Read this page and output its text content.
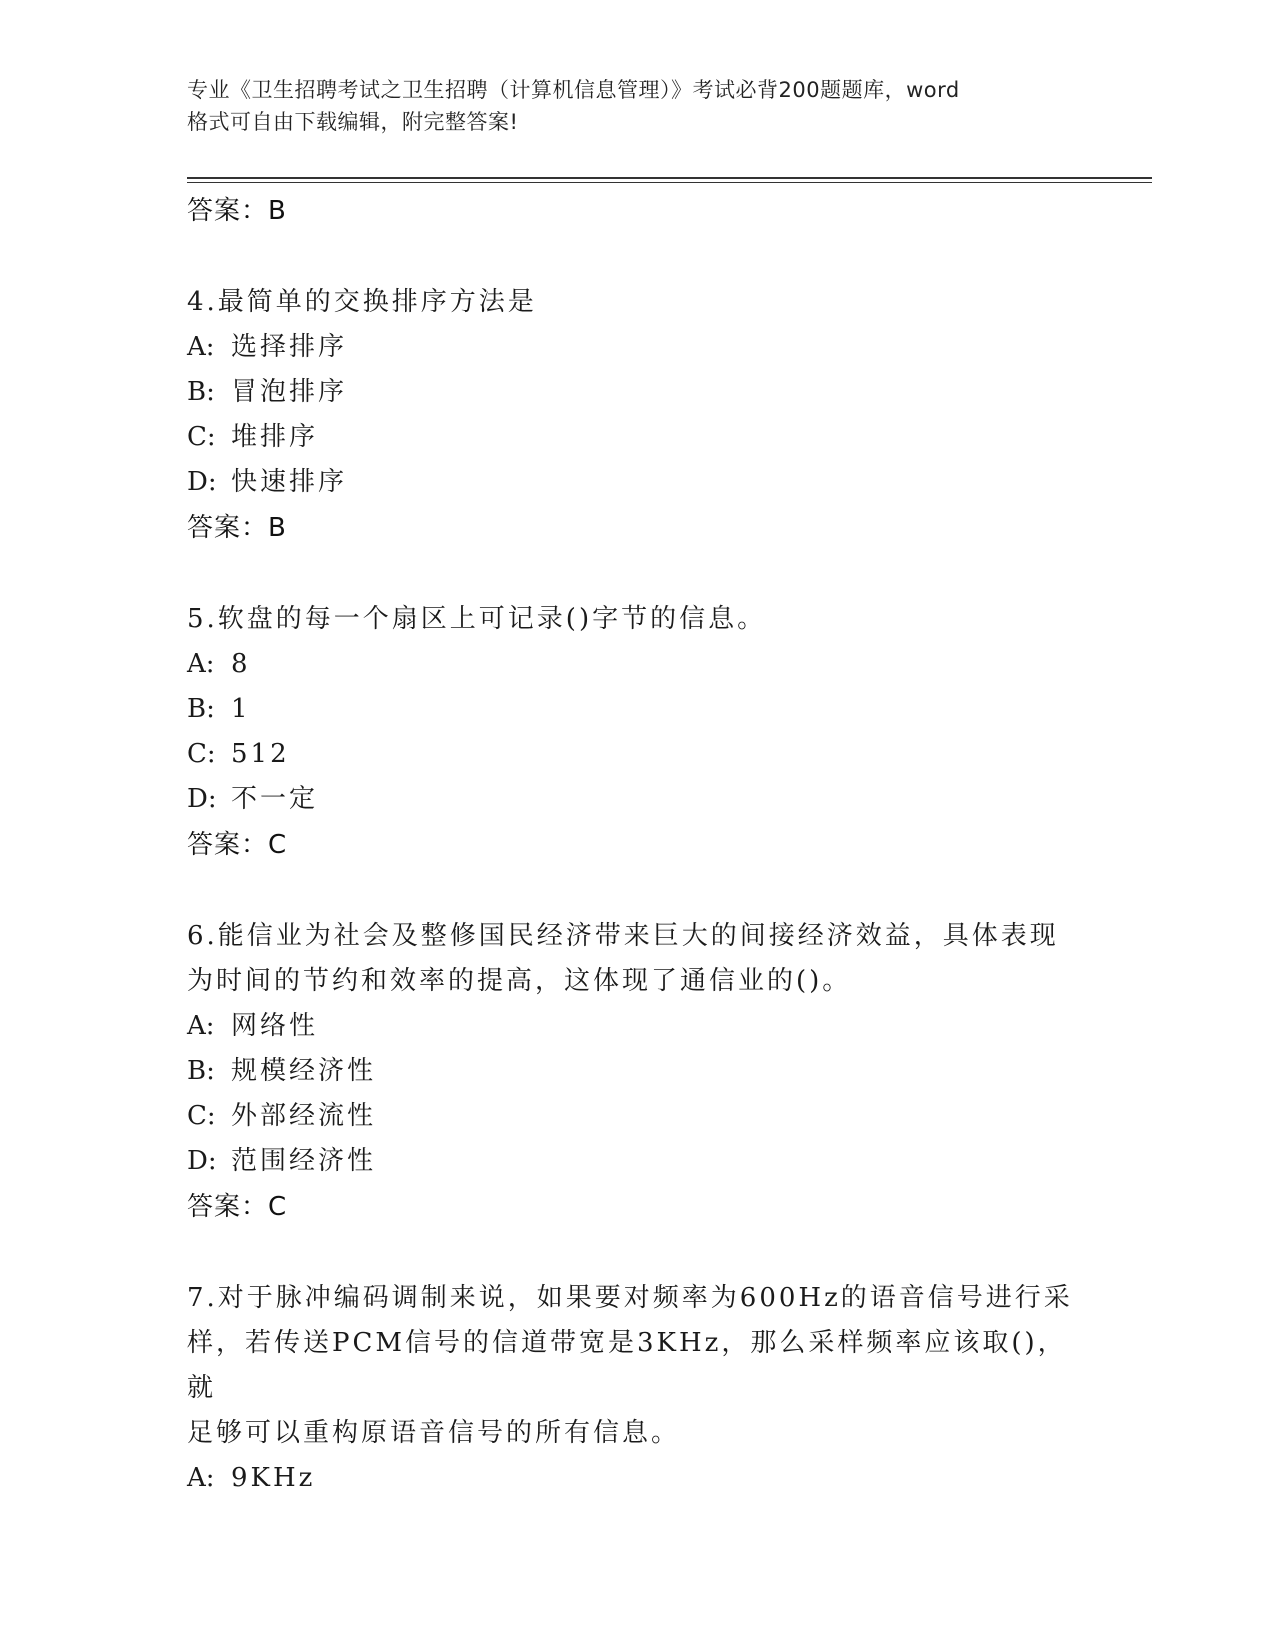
专业《卫生招聘考试之卫生招聘（计算机信息管理）》考试必背200题题库，word
格式可自由下载编辑，附完整答案!
答案：B
4.最简单的交换排序方法是
A: 选择排序
B: 冒泡排序
C: 堆排序
D: 快速排序
答案：B
5.软盘的每一个扇区上可记录()字节的信息。
A: 8
B: 1
C: 512
D: 不一定
答案：C
6.能信业为社会及整修国民经济带来巨大的间接经济效益，具体表现
为时间的节约和效率的提高，这体现了通信业的()。
A: 网络性
B: 规模经济性
C: 外部经流性
D: 范围经济性
答案：C
7.对于脉冲编码调制来说，如果要对频率为600Hz的语音信号进行采
样，若传送PCM信号的信道带宽是3KHz，那么采样频率应该取()，就
足够可以重构原语音信号的所有信息。
A: 9KHz
